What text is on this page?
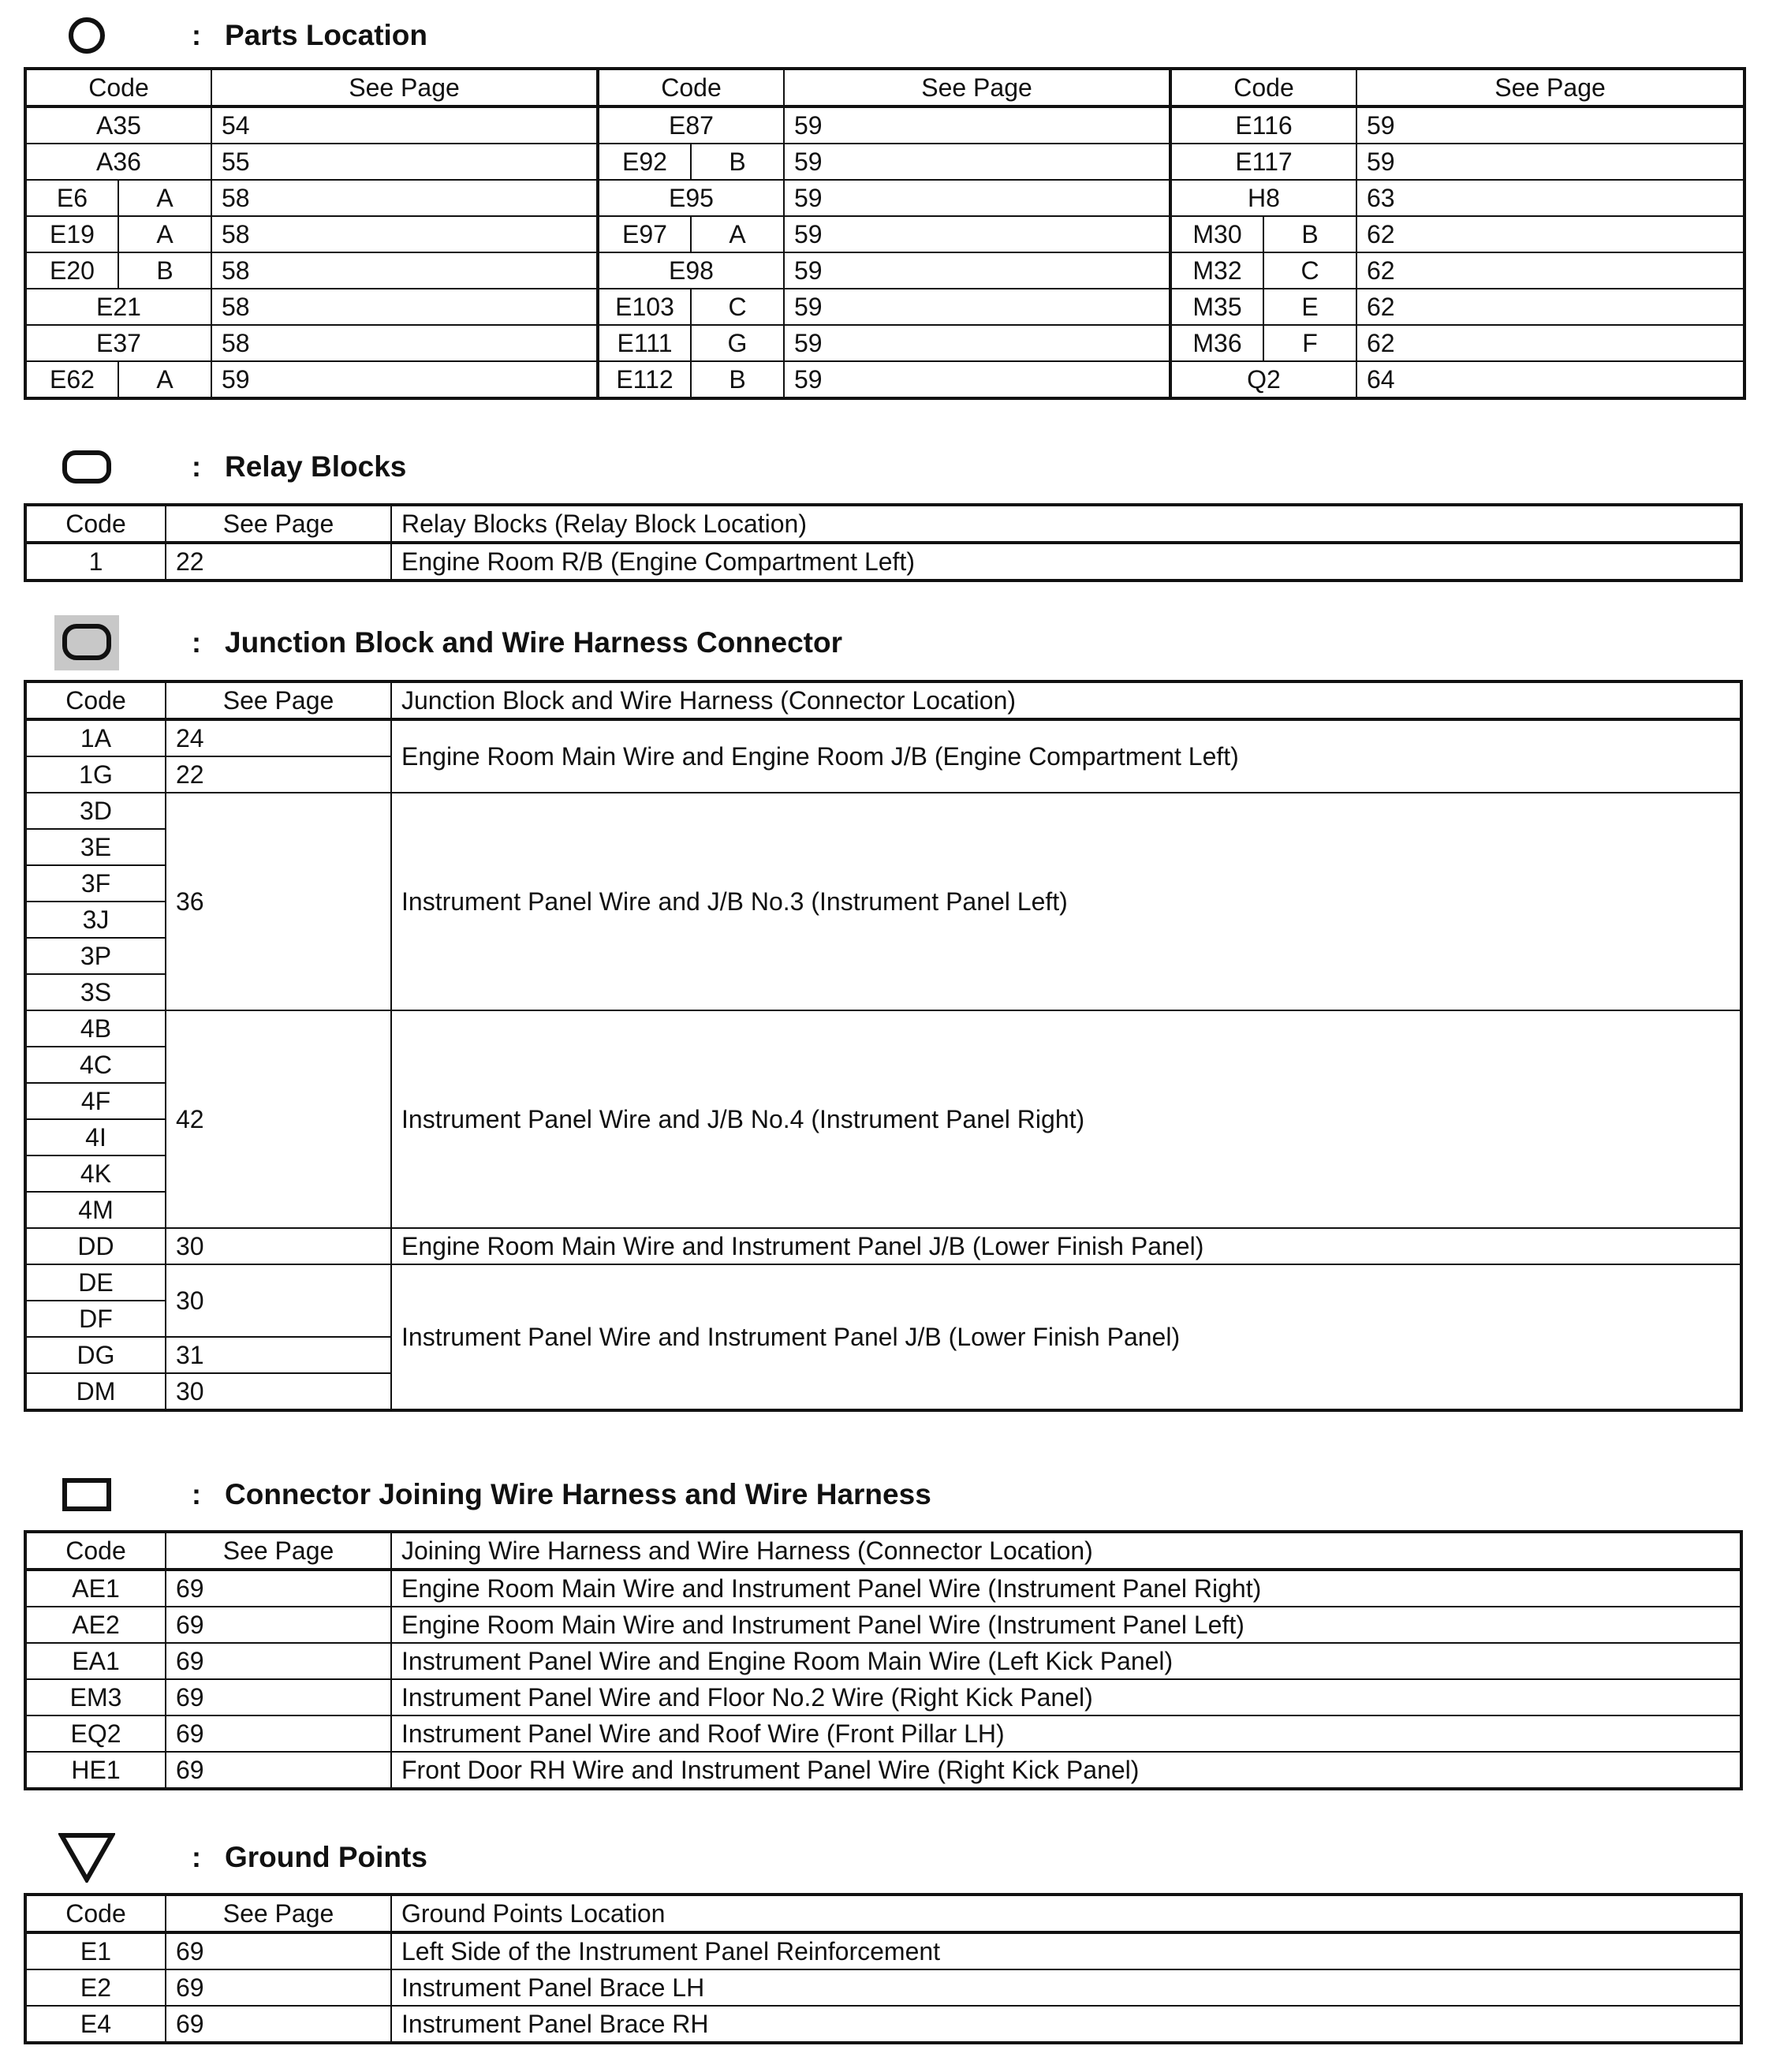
: Parts Location
Code		See Page	Code		See Page	Code		See Page
A35		54	E87		59	E116		59
A36		55	E92	B	59	E117		59
E6	A	58	E95		59	H8		63
E19	A	58	E97	A	59	M30	B	62
E20	B	58	E98		59	M32	C	62
E21		58	E103	C	59	M35	E	62
E37		58	E111	G	59	M36	F	62
E62	A	59	E112	B	59	Q2		64
: Relay Blocks
Code	See Page	Relay Blocks (Relay Block Location)
1	22	Engine Room R/B (Engine Compartment Left)
: Junction Block and Wire Harness Connector
Code	See Page	Junction Block and Wire Harness (Connector Location)
1A	24	Engine Room Main Wire and Engine Room J/B (Engine Compartment Left)
1G	22	
3D	36	Instrument Panel Wire and J/B No.3 (Instrument Panel Left)
3E		
3F		
3J		
3P		
3S		
4B	42	Instrument Panel Wire and J/B No.4 (Instrument Panel Right)
4C		
4F		
4I		
4K		
4M		
DD	30	Engine Room Main Wire and Instrument Panel J/B (Lower Finish Panel)
DE	30	Instrument Panel Wire and Instrument Panel J/B (Lower Finish Panel)
DF		
DG	31	
DM	30	
: Connector Joining Wire Harness and Wire Harness
Code	See Page	Joining Wire Harness and Wire Harness (Connector Location)
AE1	69	Engine Room Main Wire and Instrument Panel Wire (Instrument Panel Right)
AE2	69	Engine Room Main Wire and Instrument Panel Wire (Instrument Panel Left)
EA1	69	Instrument Panel Wire and Engine Room Main Wire (Left Kick Panel)
EM3	69	Instrument Panel Wire and Floor No.2 Wire (Right Kick Panel)
EQ2	69	Instrument Panel Wire and Roof Wire (Front Pillar LH)
HE1	69	Front Door RH Wire and Instrument Panel Wire (Right Kick Panel)
: Ground Points
Code	See Page	Ground Points Location
E1	69	Left Side of the Instrument Panel Reinforcement
E2	69	Instrument Panel Brace LH
E4	69	Instrument Panel Brace RH
